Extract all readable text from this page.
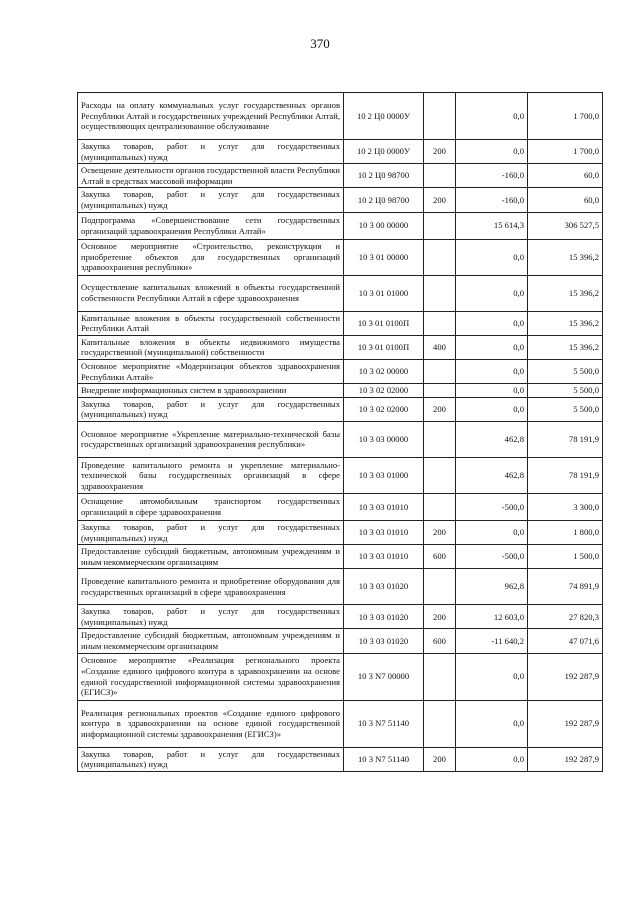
370
Расходы на оплату коммунальных услуг государственных органов Республики Алтай и государственных учреждений Республики Алтай, осуществляющих централизованное обслуживание	10 2 Ц0 0000У		0,0	1 700,0
Закупка товаров, работ и услуг для государственных (муниципальных) нужд	10 2 Ц0 0000У	200	0,0	1 700,0
Освещение деятельности органов государственной власти Республики Алтай в средствах массовой информации	10 2 Ц0 98700		-160,0	60,0
Закупка товаров, работ и услуг для государственных (муниципальных) нужд	10 2 Ц0 98700	200	-160,0	60,0
Подпрограмма «Совершенствование сети государственных организаций здравоохранения Республики Алтай»	10 3 00 00000		15 614,3	306 527,5
Основное мероприятие «Строительство, реконструкция и приобретение объектов для государственных организаций здравоохранения республики»	10 3 01 00000		0,0	15 396,2
Осуществление капитальных вложений в объекты государственной собственности Республики Алтай в сфере здравоохранения	10 3 01 01000		0,0	15 396,2
Капитальные вложения в объекты государственной собственности Республики Алтай	10 3 01 0100П		0,0	15 396,2
Капитальные вложения в объекты недвижимого имущества государственной (муниципальной) собственности	10 3 01 0100П	400	0,0	15 396,2
Основное мероприятие «Модернизация объектов здравоохранения Республики Алтай»	10 3 02 00000		0,0	5 500,0
Внедрение информационных систем в здравоохранении	10 3 02 02000		0,0	5 500,0
Закупка товаров, работ и услуг для государственных (муниципальных) нужд	10 3 02 02000	200	0,0	5 500,0
Основное мероприятие «Укрепление материально-технической базы государственных организаций здравоохранения республики»	10 3 03 00000		462,8	78 191,9
Проведение капитального ремонта и укрепление материально-технической базы государственных организаций в сфере здравоохранения	10 3 03 01000		462,8	78 191,9
Оснащение автомобильным транспортом государственных организаций в сфере здравоохранения	10 3 03 01010		-500,0	3 300,0
Закупка товаров, работ и услуг для государственных (муниципальных) нужд	10 3 03 01010	200	0,0	1 800,0
Предоставление субсидий бюджетным, автономным учреждениям и иным некоммерческим организациям	10 3 03 01010	600	-500,0	1 500,0
Проведение капитального ремонта и приобретение оборудования для государственных организаций в сфере здравоохранения	10 3 03 01020		962,8	74 891,9
Закупка товаров, работ и услуг для государственных (муниципальных) нужд	10 3 03 01020	200	12 603,0	27 820,3
Предоставление субсидий бюджетным, автономным учреждениям и иным некоммерческим организациям	10 3 03 01020	600	-11 640,2	47 071,6
Основное мероприятие «Реализация регионального проекта «Создание единого цифрового контура в здравоохранении на основе единой государственной информационной системы здравоохранения (ЕГИСЗ)»	10 3 N7 00000		0,0	192 287,9
Реализация региональных проектов «Создание единого цифрового контура в здравоохранении на основе единой государственной информационной системы здравоохранения (ЕГИСЗ)»	10 3 N7 51140		0,0	192 287,9
Закупка товаров, работ и услуг для государственных (муниципальных) нужд	10 3 N7 51140	200	0,0	192 287,9
